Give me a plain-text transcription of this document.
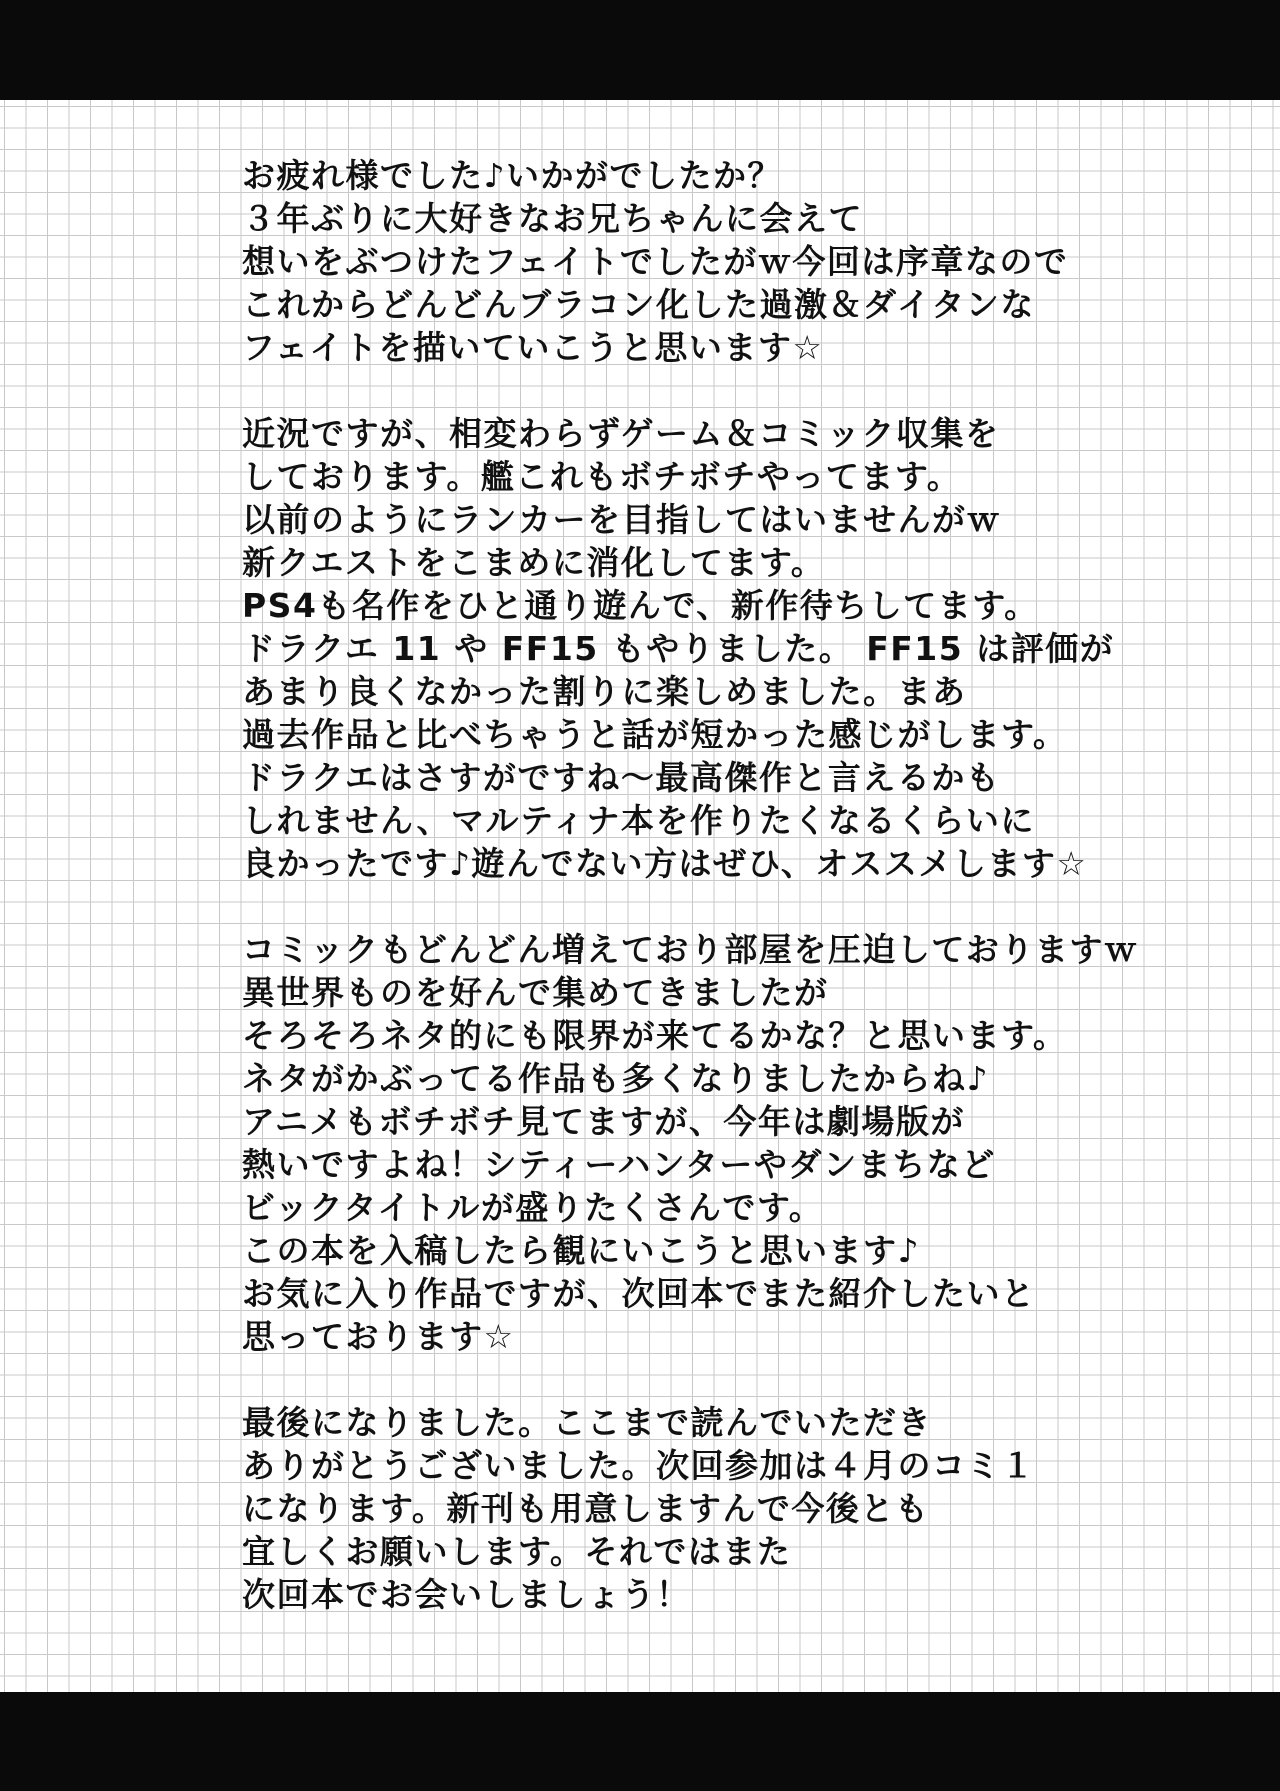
お疲れ様でした♪いかがでしたか？
３年ぶりに大好きなお兄ちゃんに会えて
想いをぶつけたフェイトでしたがｗ今回は序章なので
これからどんどんブラコン化した過激＆ダイタンな
フェイトを描いていこうと思います☆
近況ですが、相変わらずゲーム＆コミック収集を
しております。艦これもボチボチやってます。
以前のようにランカーを目指してはいませんがｗ
新クエストをこまめに消化してます。
PS4も名作をひと通り遊んで、新作待ちしてます。
ドラクエ 11 や FF15 もやりました。 FF15 は評価が
あまり良くなかった割りに楽しめました。まあ
過去作品と比べちゃうと話が短かった感じがします。
ドラクエはさすがですね～最高傑作と言えるかも
しれません、マルティナ本を作りたくなるくらいに
良かったです♪遊んでない方はぜひ、オススメします☆
コミックもどんどん増えており部屋を圧迫しておりますｗ
異世界ものを好んで集めてきましたが
そろそろネタ的にも限界が来てるかな？と思います。
ネタがかぶってる作品も多くなりましたからね♪
アニメもボチボチ見てますが、今年は劇場版が
熱いですよね！シティーハンターやダンまちなど
ビックタイトルが盛りたくさんです。
この本を入稿したら観にいこうと思います♪
お気に入り作品ですが、次回本でまた紹介したいと
思っております☆
最後になりました。ここまで読んでいただき
ありがとうございました。次回参加は４月のコミ１
になります。新刊も用意しますんで今後とも
宜しくお願いします。それではまた
次回本でお会いしましょう！
